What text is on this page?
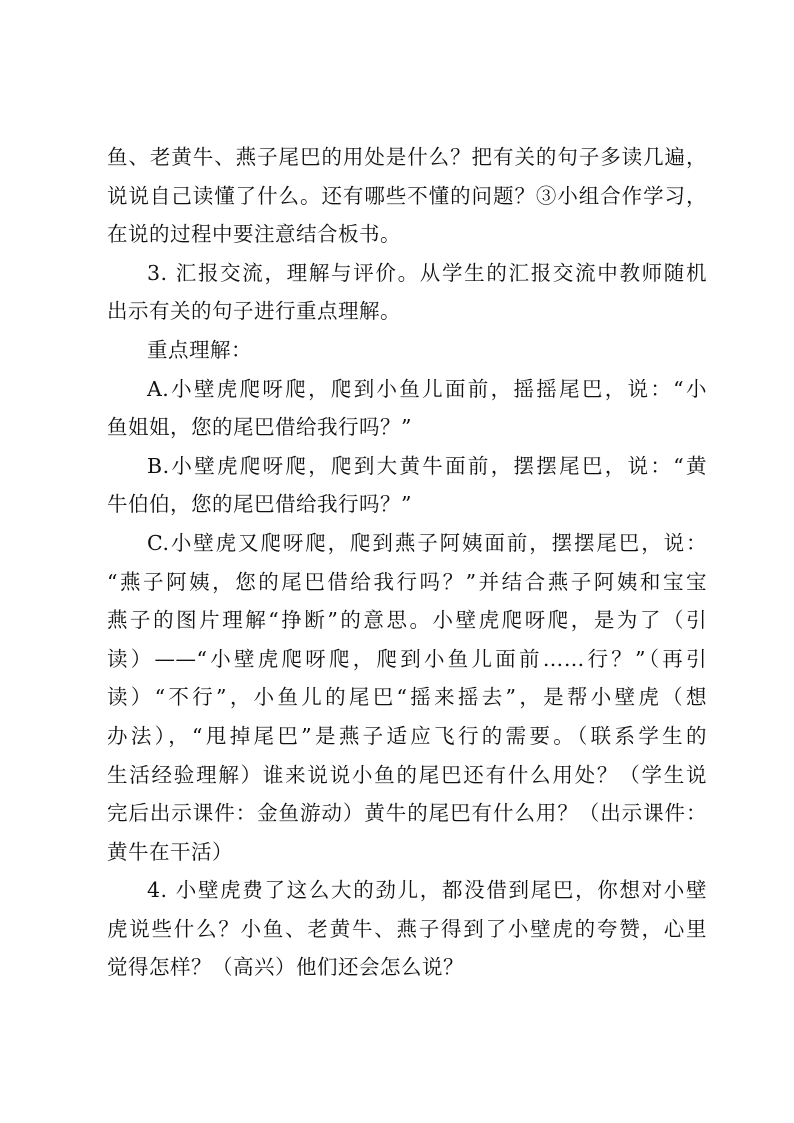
鱼、老黄牛、燕子尾巴的用处是什么？把有关的句子多读几遍，
说说自己读懂了什么。还有哪些不懂的问题？③小组合作学习，
在说的过程中要注意结合板书。
3. 汇报交流，理解与评价。从学生的汇报交流中教师随机
出示有关的句子进行重点理解。
重点理解：
A.小壁虎爬呀爬，爬到小鱼儿面前，摇摇尾巴，说：“小
鱼姐姐，您的尾巴借给我行吗？”
B.小壁虎爬呀爬，爬到大黄牛面前，摆摆尾巴，说：“黄
牛伯伯，您的尾巴借给我行吗？”
C.小壁虎又爬呀爬，爬到燕子阿姨面前，摆摆尾巴，说：
“燕子阿姨，您的尾巴借给我行吗？”并结合燕子阿姨和宝宝
燕子的图片理解“挣断”的意思。小壁虎爬呀爬，是为了（引
读）——“小壁虎爬呀爬，爬到小鱼儿面前……行？”（再引
读）“不行”，小鱼儿的尾巴“摇来摇去”，是帮小壁虎（想
办法），“甩掉尾巴”是燕子适应飞行的需要。（联系学生的
生活经验理解）谁来说说小鱼的尾巴还有什么用处？（学生说
完后出示课件：金鱼游动）黄牛的尾巴有什么用？（出示课件：
黄牛在干活）
4. 小壁虎费了这么大的劲儿，都没借到尾巴，你想对小壁
虎说些什么？小鱼、老黄牛、燕子得到了小壁虎的夸赞，心里
觉得怎样？（高兴）他们还会怎么说？
